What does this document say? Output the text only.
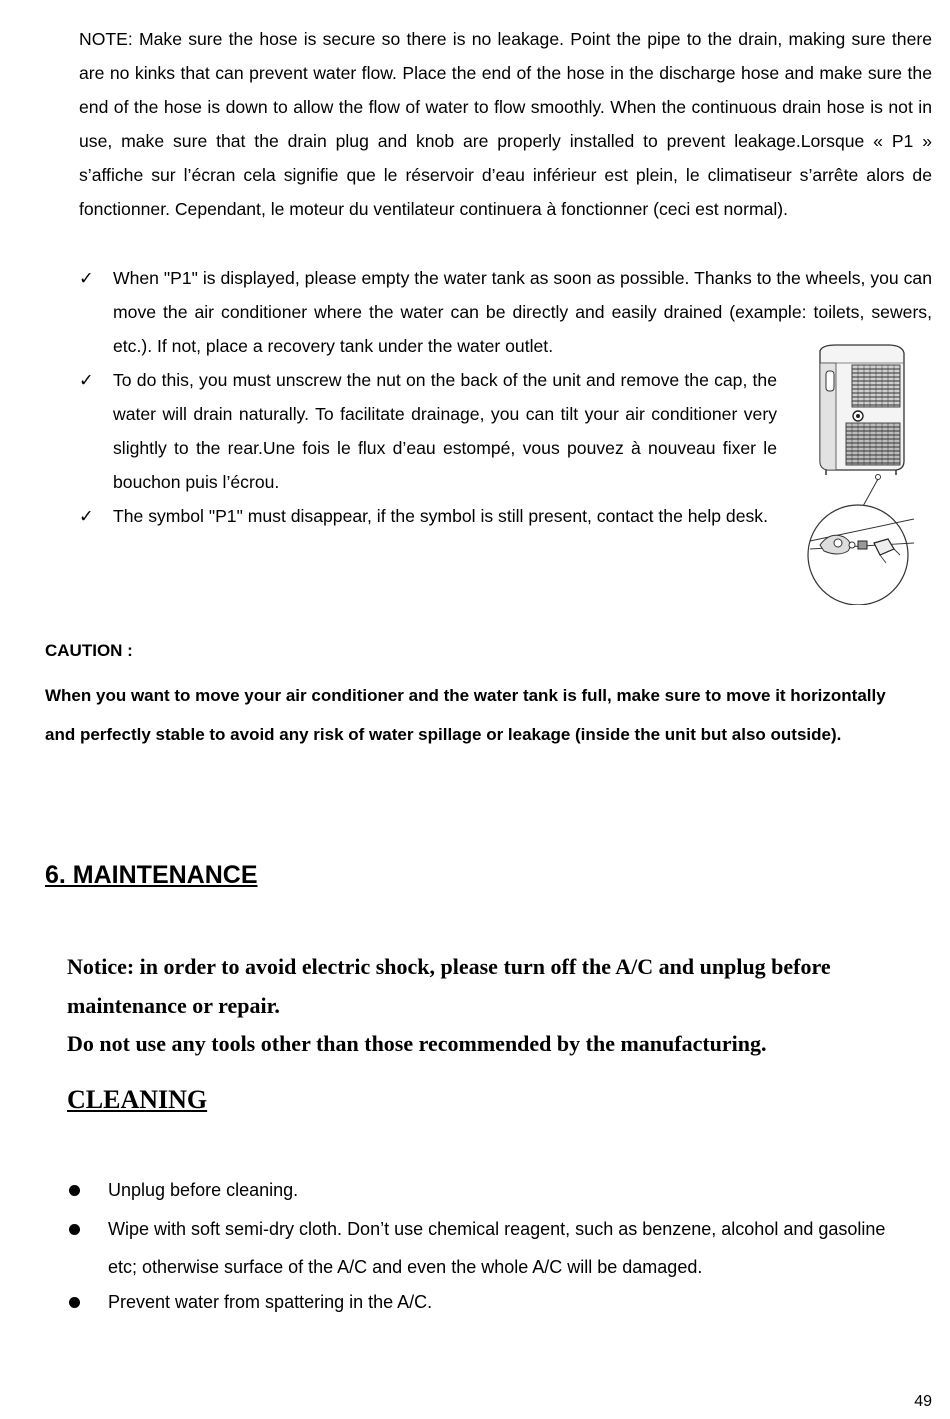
NOTE: Make sure the hose is secure so there is no leakage. Point the pipe to the drain, making sure there are no kinks that can prevent water flow. Place the end of the hose in the discharge hose and make sure the end of the hose is down to allow the flow of water to flow smoothly. When the continuous drain hose is not in use, make sure that the drain plug and knob are properly installed to prevent leakage.Lorsque « P1 » s’affiche sur l’écran cela signifie que le réservoir d’eau inférieur est plein, le climatiseur s’arrête alors de fonctionner. Cependant, le moteur du ventilateur continuera à fonctionner (ceci est normal).

✓	When "P1" is displayed, please empty the water tank as soon as possible. Thanks to the wheels, you can move the air conditioner where the water can be directly and easily drained (example: toilets, sewers, etc.). If not, place a recovery tank under the water outlet.

✓	To do this, you must unscrew the nut on the back of the unit and remove the cap, the water will drain naturally. To facilitate drainage, you can tilt your air conditioner very slightly to the rear.Une fois le flux d’eau estompé, vous pouvez à nouveau fixer le bouchon puis l’écrou.

✓	The symbol "P1" must disappear, if the symbol is still present, contact the help desk.

CAUTION :

When you want to move your air conditioner and the water tank is full, make sure to move it horizontally and perfectly stable to avoid any risk of water spillage or leakage (inside the unit but also outside).

6. MAINTENANCE
Notice: in order to avoid electric shock, please turn off the A/C and unplug before maintenance or repair.
Do not use any tools other than those recommended by the manufacturing.
CLEANING

Unplug before cleaning.

Wipe with soft semi-dry cloth. Don’t use chemical reagent, such as benzene, alcohol and gasoline etc; otherwise surface of the A/C and even the whole A/C will be damaged.

Prevent water from spattering in the A/C.

49
